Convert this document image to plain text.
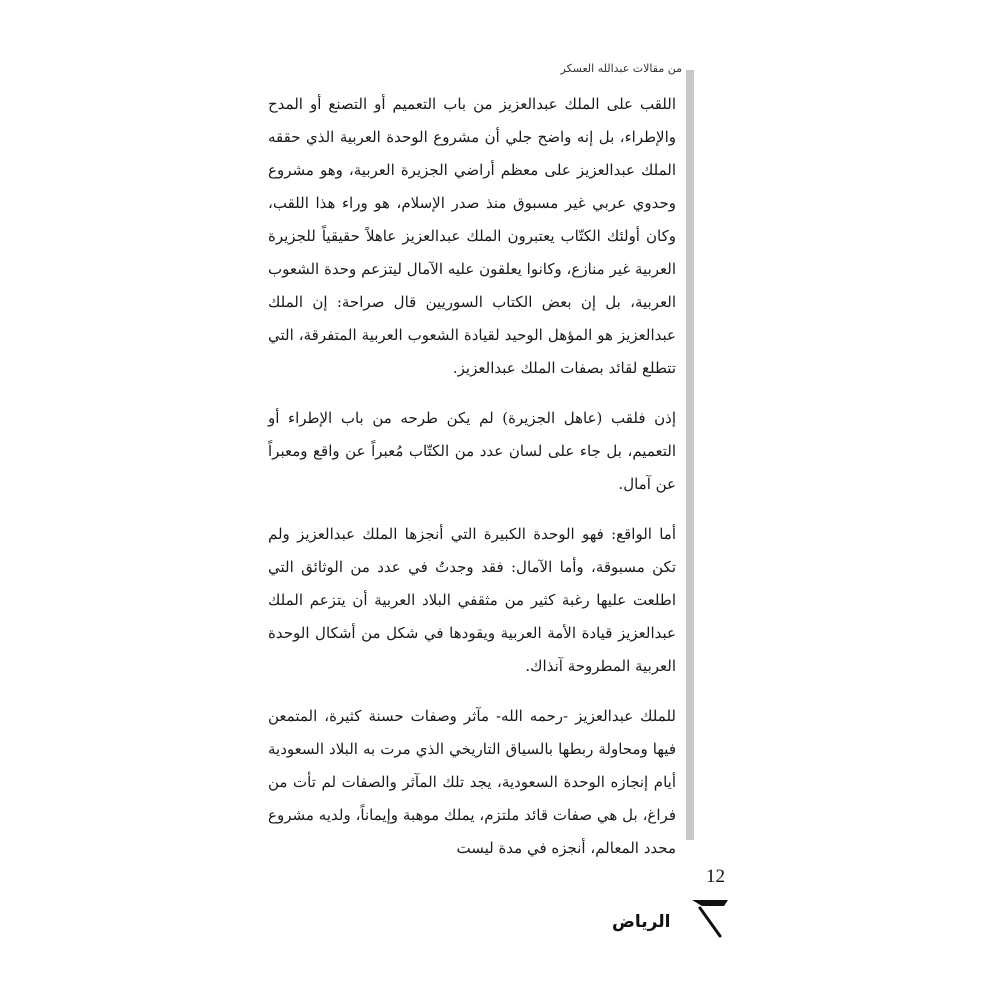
من مقالات عبدالله العسكر

اللقب على الملك عبدالعزيز من باب التعميم أو التصنع أو المدح والإطراء، بل إنه واضح جلي أن مشروع الوحدة العربية الذي حققه الملك عبدالعزيز على معظم أراضي الجزيرة العربية، وهو مشروع وحدوي عربي غير مسبوق منذ صدر الإسلام، هو وراء هذا اللقب، وكان أولئك الكتّاب يعتبرون الملك عبدالعزيز عاهلاً حقيقياً للجزيرة العربية غير منازع، وكانوا يعلقون عليه الآمال ليتزعم وحدة الشعوب العربية، بل إن بعض الكتاب السوريين قال صراحة: إن الملك عبدالعزيز هو المؤهل الوحيد لقيادة الشعوب العربية المتفرقة، التي تتطلع لقائد بصفات الملك عبدالعزيز.

إذن فلقب (عاهل الجزيرة) لم يكن طرحه من باب الإطراء أو التعميم، بل جاء على لسان عدد من الكتّاب مُعبراً عن واقع ومعبراً عن آمال.

أما الواقع: فهو الوحدة الكبيرة التي أنجزها الملك عبدالعزيز ولم تكن مسبوقة، وأما الآمال: فقد وجدتُ في عدد من الوثائق التي اطلعت عليها رغبة كثير من مثقفي البلاد العربية أن يتزعم الملك عبدالعزيز قيادة الأمة العربية ويقودها في شكل من أشكال الوحدة العربية المطروحة آنذاك.

للملك عبدالعزيز -رحمه الله- مآثر وصفات حسنة كثيرة، المتمعن فيها ومحاولة ربطها بالسياق التاريخي الذي مرت به البلاد السعودية أيام إنجازه الوحدة السعودية، يجد تلك المآثر والصفات لم تأت من فراغ، بل هي صفات قائد ملتزم، يملك موهبة وإيماناً، ولديه مشروع محدد المعالم، أنجزه في مدة ليست

12
الرياض
